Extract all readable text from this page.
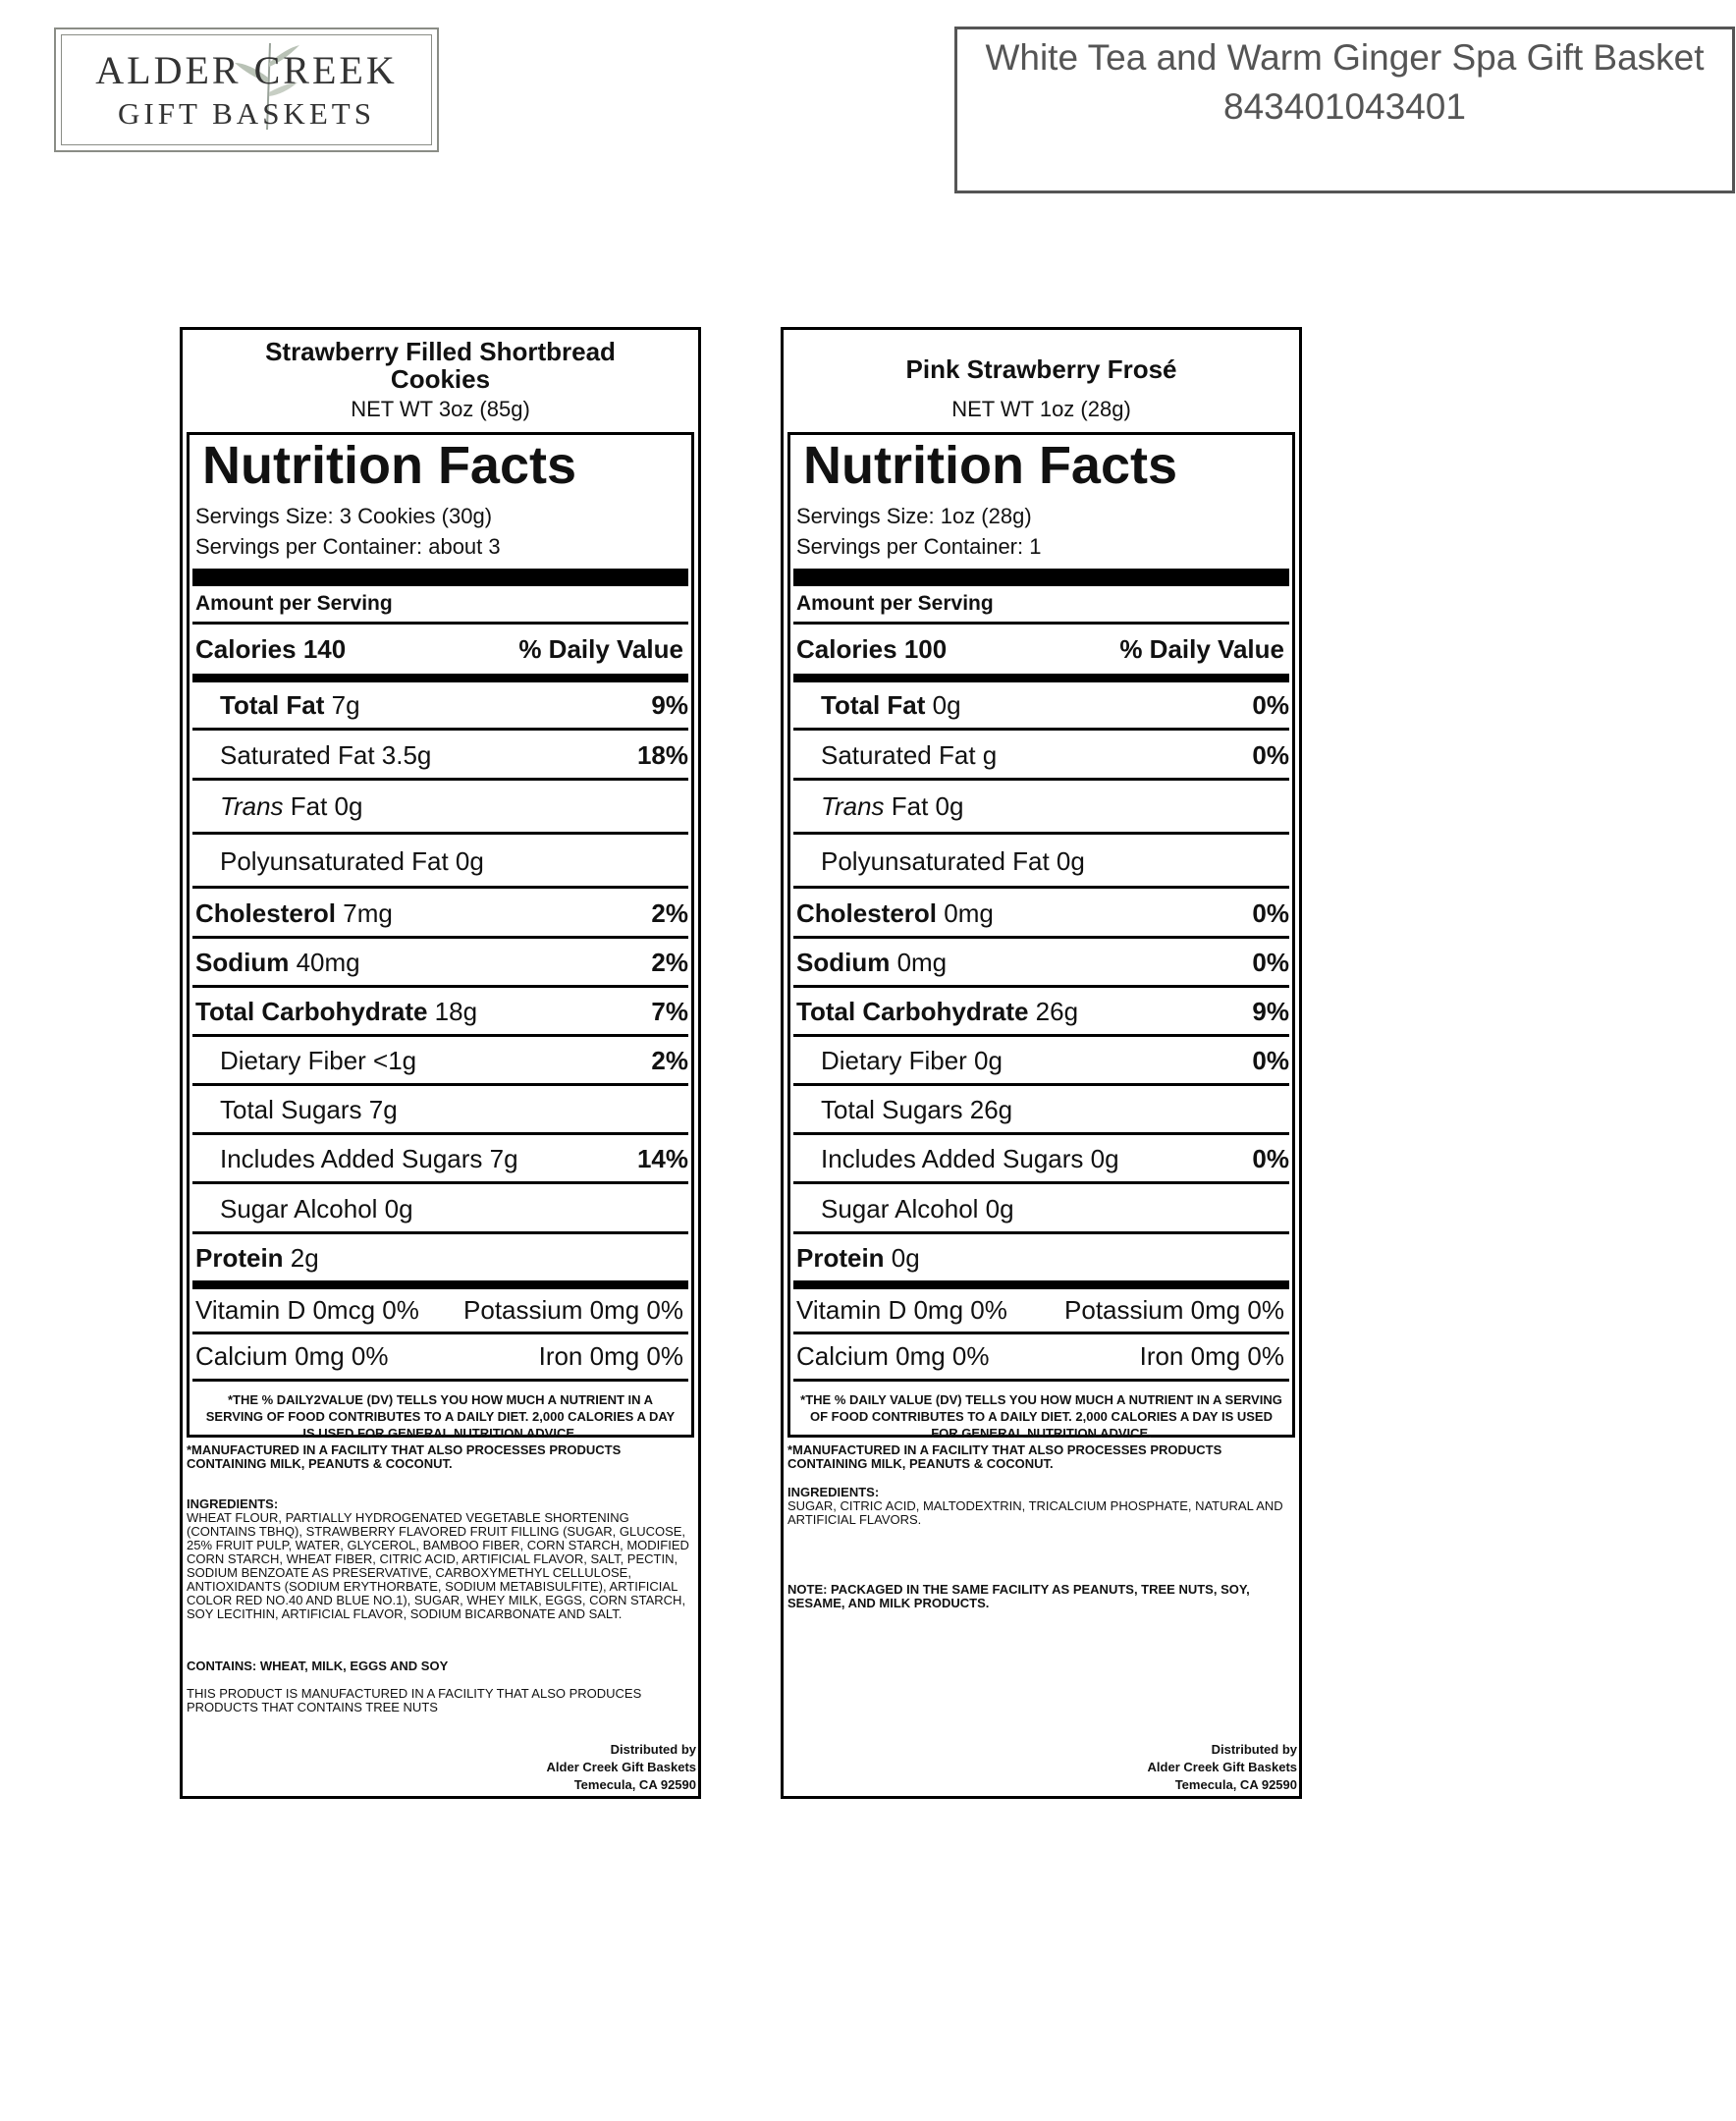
ALDER CREEK
GIFT BASKETS
White Tea and Warm Ginger Spa Gift Basket
843401043401
Strawberry Filled Shortbread
Cookies
NET WT 3oz (85g)
Nutrition Facts
Servings Size: 3 Cookies (30g)
Servings per Container: about 3
Amount per Serving
Calories 140	% Daily Value
Total Fat 7g	9%
Saturated Fat 3.5g	18%
Trans Fat 0g
Polyunsaturated Fat 0g
Cholesterol 7mg	2%
Sodium 40mg	2%
Total Carbohydrate 18g	7%
Dietary Fiber <1g	2%
Total Sugars 7g
Includes Added Sugars 7g	14%
Sugar Alcohol 0g
Protein 2g
Vitamin D 0mcg 0% Potassium 0mg 0%
Calcium 0mg 0%	Iron 0mg 0%
*THE % DAILY2VALUE (DV) TELLS YOU HOW MUCH A NUTRIENT IN A SERVING OF FOOD CONTRIBUTES TO A DAILY DIET. 2,000 CALORIES A DAY IS USED FOR GENERAL NUTRITION ADVICE.
*MANUFACTURED IN A FACILITY THAT ALSO PROCESSES PRODUCTS CONTAINING MILK, PEANUTS & COCONUT.
INGREDIENTS:
WHEAT FLOUR, PARTIALLY HYDROGENATED VEGETABLE SHORTENING (CONTAINS TBHQ), STRAWBERRY FLAVORED FRUIT FILLING (SUGAR, GLUCOSE, 25% FRUIT PULP, WATER, GLYCEROL, BAMBOO FIBER, CORN STARCH, MODIFIED CORN STARCH, WHEAT FIBER, CITRIC ACID, ARTIFICIAL FLAVOR, SALT, PECTIN, SODIUM BENZOATE AS PRESERVATIVE, CARBOXYMETHYL CELLULOSE, ANTIOXIDANTS (SODIUM ERYTHORBATE, SODIUM METABISULFITE), ARTIFICIAL COLOR RED NO.40 AND BLUE NO.1), SUGAR, WHEY MILK, EGGS, CORN STARCH, SOY LECITHIN, ARTIFICIAL FLAVOR, SODIUM BICARBONATE AND SALT.
CONTAINS: WHEAT, MILK, EGGS AND SOY
THIS PRODUCT IS MANUFACTURED IN A FACILITY THAT ALSO PRODUCES PRODUCTS THAT CONTAINS TREE NUTS
Distributed by
Alder Creek Gift Baskets
Temecula, CA 92590
Pink Strawberry Frosé
NET WT 1oz (28g)
Nutrition Facts
Servings Size: 1oz (28g)
Servings per Container: 1
Amount per Serving
Calories 100	% Daily Value
Total Fat 0g	0%
Saturated Fat g	0%
Trans Fat 0g
Polyunsaturated Fat 0g
Cholesterol 0mg	0%
Sodium 0mg	0%
Total Carbohydrate 26g	9%
Dietary Fiber 0g	0%
Total Sugars 26g
Includes Added Sugars 0g	0%
Sugar Alcohol 0g
Protein 0g
Vitamin D 0mg 0% Potassium 0mg 0%
Calcium 0mg 0%	Iron 0mg 0%
*THE % DAILY VALUE (DV) TELLS YOU HOW MUCH A NUTRIENT IN A SERVING OF FOOD CONTRIBUTES TO A DAILY DIET. 2,000 CALORIES A DAY IS USED FOR GENERAL NUTRITION ADVICE.
*MANUFACTURED IN A FACILITY THAT ALSO PROCESSES PRODUCTS CONTAINING MILK, PEANUTS & COCONUT.
INGREDIENTS:
SUGAR, CITRIC ACID, MALTODEXTRIN, TRICALCIUM PHOSPHATE, NATURAL AND ARTIFICIAL FLAVORS.
NOTE: PACKAGED IN THE SAME FACILITY AS PEANUTS, TREE NUTS, SOY, SESAME, AND MILK PRODUCTS.
Distributed by
Alder Creek Gift Baskets
Temecula, CA 92590
